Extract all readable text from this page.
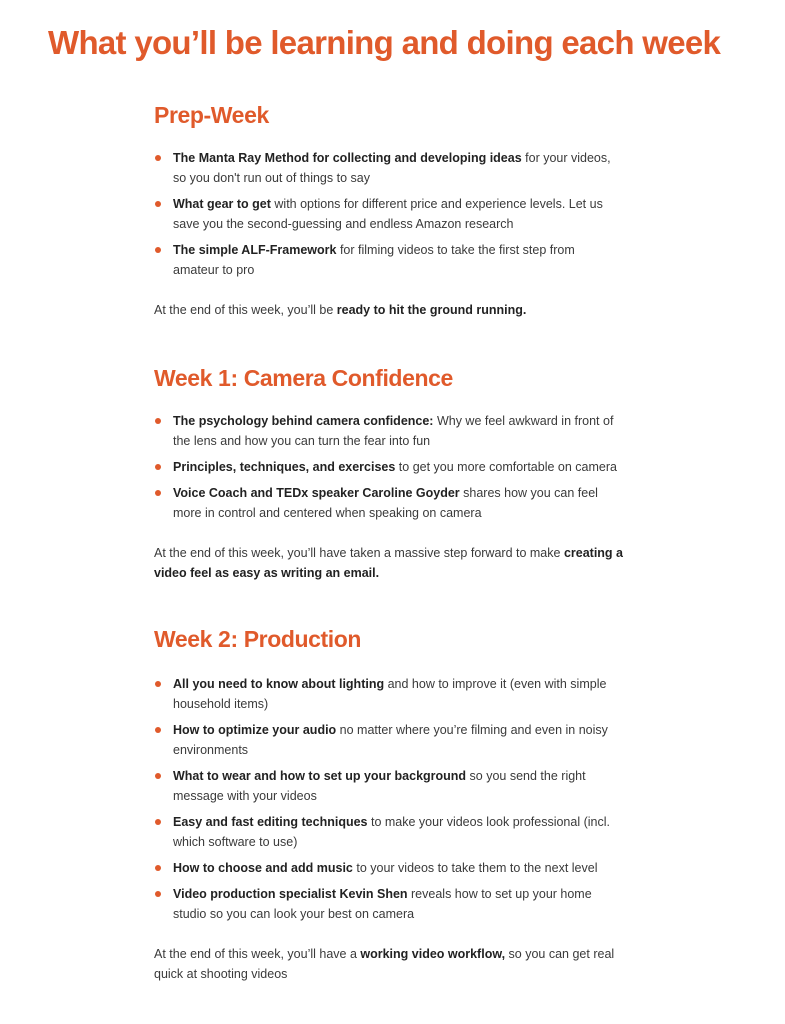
What you’ll be learning and doing each week
Prep-Week
The Manta Ray Method for collecting and developing ideas for your videos, so you don't run out of things to say
What gear to get with options for different price and experience levels. Let us save you the second-guessing and endless Amazon research
The simple ALF-Framework for filming videos to take the first step from amateur to pro

At the end of this week, you’ll be ready to hit the ground running.

Week 1: Camera Confidence
The psychology behind camera confidence: Why we feel awkward in front of the lens and how you can turn the fear into fun
Principles, techniques, and exercises to get you more comfortable on camera
Voice Coach and TEDx speaker Caroline Goyder shares how you can feel more in control and centered when speaking on camera

At the end of this week, you’ll have taken a massive step forward to make creating a video feel as easy as writing an email.

Week 2: Production
All you need to know about lighting and how to improve it (even with simple household items)
How to optimize your audio no matter where you’re filming and even in noisy environments
What to wear and how to set up your background so you send the right message with your videos
Easy and fast editing techniques to make your videos look professional (incl. which software to use)
How to choose and add music to your videos to take them to the next level
Video production specialist Kevin Shen reveals how to set up your home studio so you can look your best on camera

At the end of this week, you’ll have a working video workflow, so you can get real quick at shooting videos
